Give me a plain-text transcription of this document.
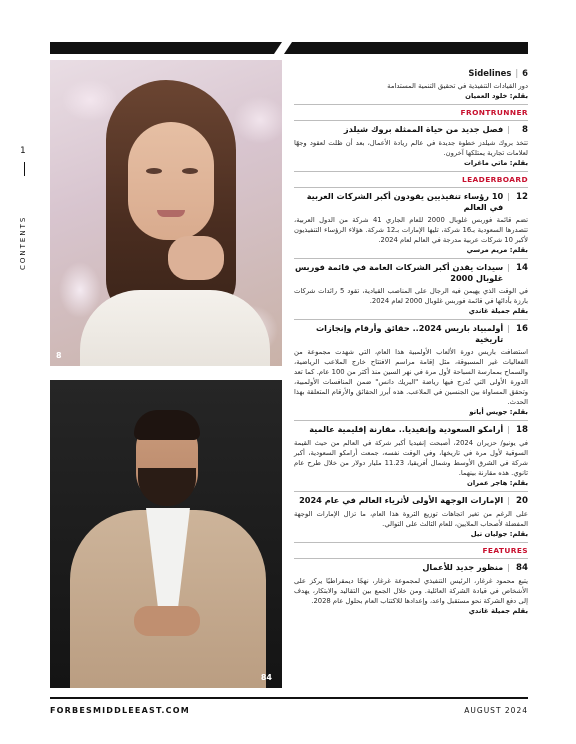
1
CONTENTS
8
84
Sidelines | 6
دور القيادات التنفيذية في تحقيق التنمية المستدامة
بقلم: خلود العميان
FRONTRUNNER
8
|
فصل جديد من حياة الممثلة بروك شيلدز
تتخذ بروك شيلدز خطوة جديدة في عالم ريادة الأعمال، بعد أن ظلت لعقود وجهًا لعلامات تجارية يمتلكها آخرون.
بقلم: ماتي ماغرات
LEADERBOARD
12
|
10 رؤساء تنفيذيين يقودون أكبر الشركات العربية في العالم
تضم قائمة فوربس غلوبال 2000 للعام الجاري 41 شركة من الدول العربية، تتصدرها السعودية بـ16 شركة، تليها الإمارات بـ12 شركة. هؤلاء الرؤساء التنفيذيون لأكبر 10 شركات عربية مدرجة في العالم لعام 2024.
بقلم: مريم مرسي
14
|
سيدات يقدن أكبر الشركات العامة في قائمة فوربس غلوبال 2000
في الوقت الذي يهيمن فيه الرجال على المناصب القيادية، تقود 5 رائدات شركات بارزة بأدائها في قائمة فوربس غلوبال 2000 لعام 2024.
بقلم جميلة غاندي
16
|
أولمبياد باريس 2024.. حقائق وأرقام وإنجازات تاريخية
استضافت باريس دورة الألعاب الأولمبية هذا العام، التي شهدت مجموعة من الفعاليات غير المسبوقة، مثل إقامة مراسم الافتتاح خارج الملاعب الرياضية، والسماح بممارسة السباحة لأول مرة في نهر السين منذ أكثر من 100 عام. كما تعد الدورة الأولى التي تُدرج فيها رياضة "البريك دانس" ضمن المنافسات الأولمبية، وتحقق المساواة بين الجنسين في الملاعب. هذه أبرز الحقائق والأرقام المتعلقة بهذا الحدث.
بقلم: جويس أيانو
18
|
أرامكو السعودية وإنفيديا.. مقارنة إقليمية عالمية
في يونيو/ حزيران 2024، أصبحت إنفيديا أكبر شركة في العالم من حيث القيمة السوقية لأول مرة في تاريخها، وفي الوقت نفسه، جمعت أرامكو السعودية، أكبر شركة في الشرق الأوسط وشمال أفريقيا، 11.23 مليار دولار من خلال طرح عام ثانوي. هذه مقارنة بينهما.
بقلم: هاجر عمران
20
|
الإمارات الوجهة الأولى لأثرياء العالم في عام 2024
على الرغم من تغير اتجاهات توزيع الثروة هذا العام، ما تزال الإمارات الوجهة المفضلة لأصحاب الملايين، للعام الثالث على التوالي.
بقلم: جوليان نيل
FEATURES
84
|
منظور جديد للأعمال
يتبع محمود غرغار، الرئيس التنفيذي لمجموعة غرغار، نهجًا ديمقراطيًا يركز على الأشخاص في قيادة الشركة العائلية. ومن خلال الجمع بين التقاليد والابتكار، يهدف إلى دفع الشركة نحو مستقبل واعد، وإعدادها للاكتتاب العام بحلول عام 2028.
بقلم جميلة غاندي
FORBESMIDDLEEAST.COM	AUGUST 2024
